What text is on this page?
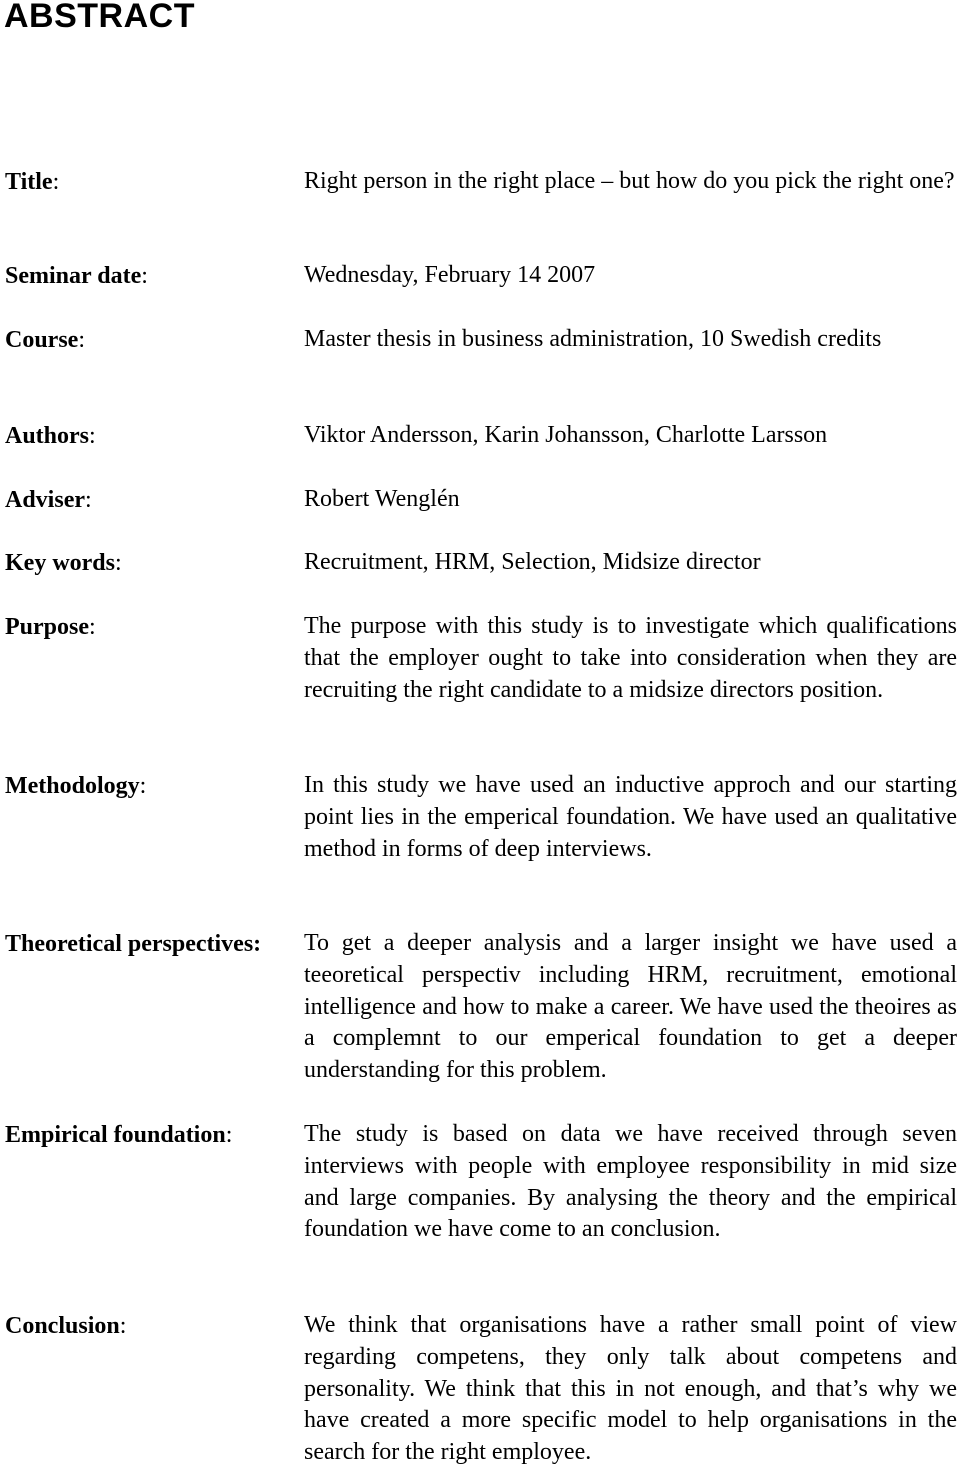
ABSTRACT
Title:	Right person in the right place – but how do you pick the right one?
Seminar date:	Wednesday, February 14 2007
Course:	Master thesis in business administration, 10 Swedish credits
Authors:	Viktor Andersson, Karin Johansson, Charlotte Larsson
Adviser:	Robert Wenglén
Key words:	Recruitment, HRM, Selection, Midsize director
Purpose:	The purpose with this study is to investigate which qualifications that the employer ought to take into consideration when they are recruiting the right candidate to a midsize directors position.
Methodology:	In this study we have used an inductive approch and our starting point lies in the emperical foundation. We have used an qualitative method in forms of deep interviews.
Theoretical perspectives: To get a deeper analysis and a larger insight we have used a teeoretical perspectiv including HRM, recruitment, emotional intelligence and how to make a career. We have used the theoires as a complemnt to our emperical foundation to get a deeper understanding for this problem.
Empirical foundation:	The study is based on data we have received through seven interviews with people with employee responsibility in mid size and large companies. By analysing the theory and the empirical foundation we have come to an conclusion.
Conclusion:	We think that organisations have a rather small point of view regarding competens, they only talk about competens and personality. We think that this in not enough, and that’s why we have created a more specific model to help organisations in the search for the right employee.
